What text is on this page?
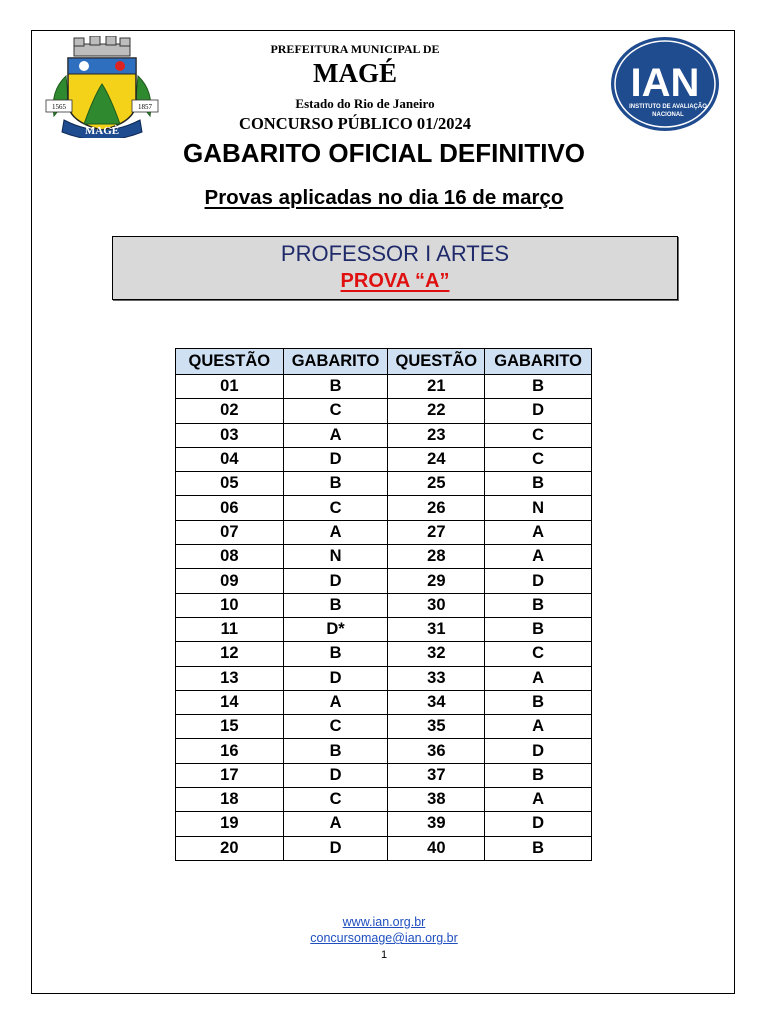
1565	1857
MAGÉ
IAN
INSTITUTO DE AVALIAÇÃO
NACIONAL
PREFEITURA MUNICIPAL DE
MAGÉ
Estado do Rio de Janeiro
CONCURSO PÚBLICO 01/2024
GABARITO OFICIAL DEFINITIVO
Provas aplicadas no dia 16 de março
PROFESSOR I ARTES
PROVA “A”
QUESTÃO	GABARITO	QUESTÃO	GABARITO
01	B	21	B
02	C	22	D
03	A	23	C
04	D	24	C
05	B	25	B
06	C	26	N
07	A	27	A
08	N	28	A
09	D	29	D
10	B	30	B
11	D*	31	B
12	B	32	C
13	D	33	A
14	A	34	B
15	C	35	A
16	B	36	D
17	D	37	B
18	C	38	A
19	A	39	D
20	D	40	B
www.ian.org.br
concursomage@ian.org.br
1
